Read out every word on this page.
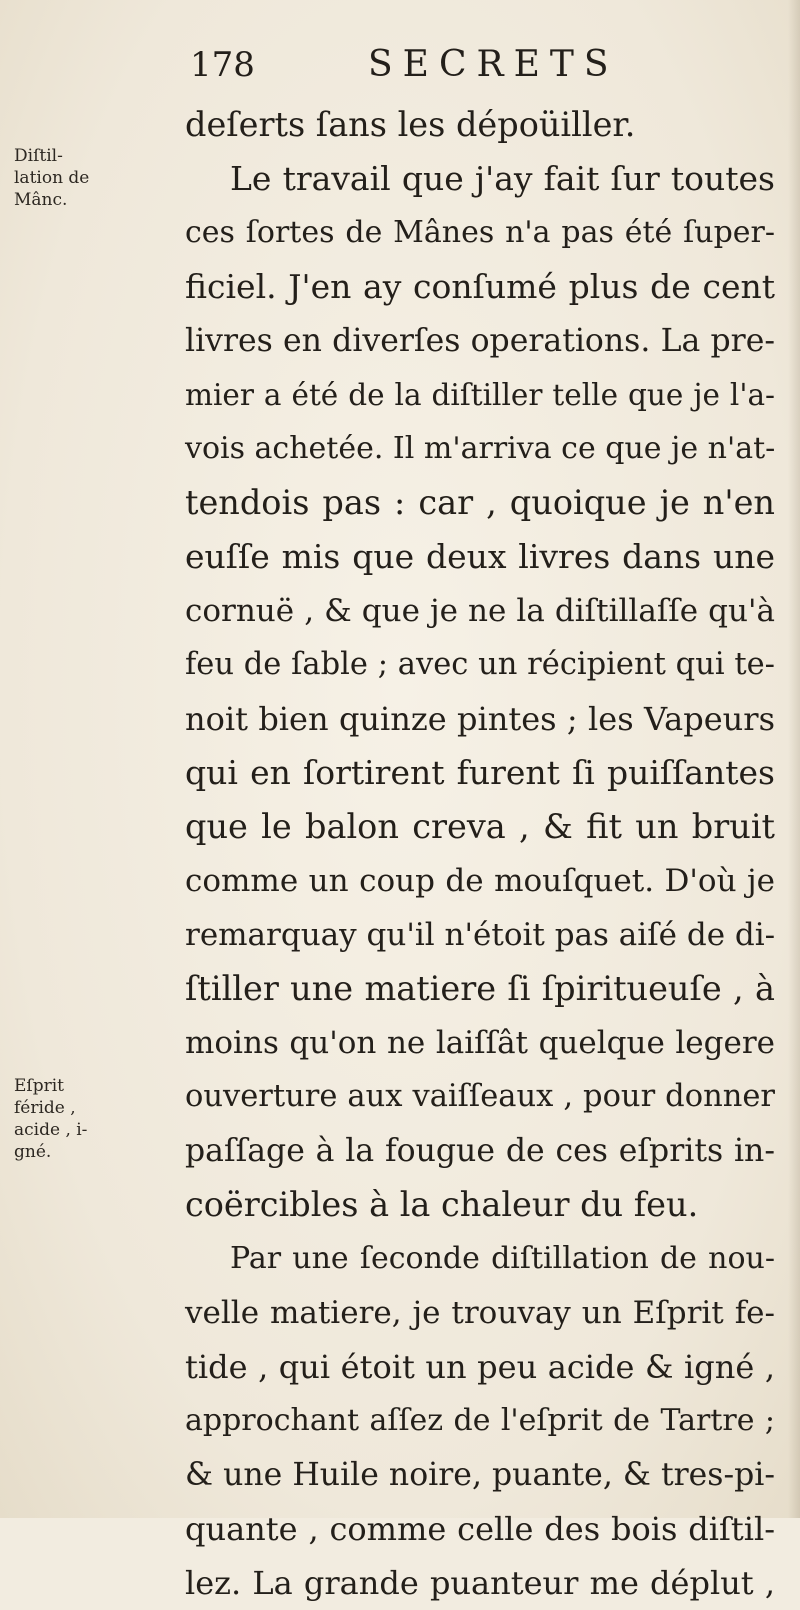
178	SECRETS
Diſtil-
lation de
Mânc.
Eſprit
féride ,
acide , i-
gné.
deſerts ſans les dépoüiller.
Le travail que j'ay fait ſur toutes
ces ſortes de Mânes n'a pas été ſuper-
ficiel. J'en ay conſumé plus de cent
livres en diverſes operations. La pre-
mier a été de la diſtiller telle que je l'a-
vois achetée. Il m'arriva ce que je n'at-
tendois pas : car , quoique je n'en
euſſe mis que deux livres dans une
cornuë , & que je ne la diſtillaſſe qu'à
feu de ſable ; avec un récipient qui te-
noit bien quinze pintes ; les Vapeurs
qui en ſortirent furent ſi puiſſantes
que le balon creva , & fit un bruit
comme un coup de mouſquet. D'où je
remarquay qu'il n'étoit pas aiſé de di-
ſtiller une matiere ſi ſpiritueuſe , à
moins qu'on ne laiſſât quelque legere
ouverture aux vaiſſeaux , pour donner
paſſage à la fougue de ces eſprits in-
coërcibles à la chaleur du feu.
Par une ſeconde diſtillation de nou-
velle matiere, je trouvay un Eſprit fe-
tide , qui étoit un peu acide & igné ,
approchant aſſez de l'eſprit de Tartre ;
& une Huile noire, puante, & tres-pi-
quante , comme celle des bois diſtil-
lez. La grande puanteur me déplut ,
